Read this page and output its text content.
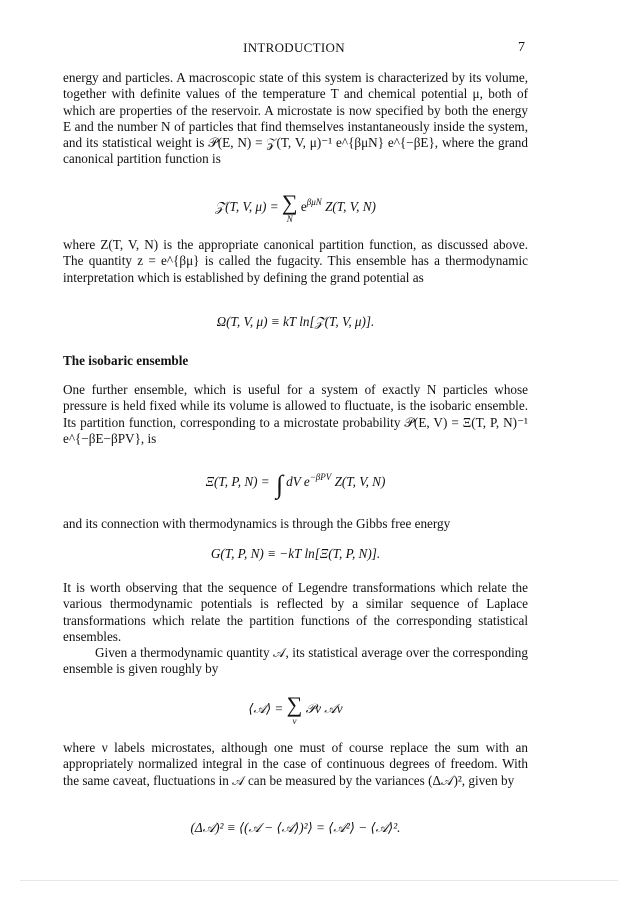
INTRODUCTION	7

energy and particles. A macroscopic state of this system is characterized by its volume, together with definite values of the temperature T and chemical potential μ, both of which are properties of the reservoir. A microstate is now specified by both the energy E and the number N of particles that find themselves instantaneously inside the system, and its statistical weight is 𝒫(E, N) = 𝒵(T, V, μ)⁻¹ e^{βμN} e^{−βE}, where the grand canonical partition function is

𝒵(T, V, μ) = ∑
N
$e^{\beta\mu N}$ Z(T, V, N)

where Z(T, V, N) is the appropriate canonical partition function, as discussed above. The quantity z = e^{βμ} is called the fugacity. This ensemble has a thermodynamic interpretation which is established by defining the grand potential as

Ω(T, V, μ) ≡ kT ln[𝒵(T, V, μ)].
The isobaric ensemble

One further ensemble, which is useful for a system of exactly N particles whose pressure is held fixed while its volume is allowed to fluctuate, is the isobaric ensemble. Its partition function, corresponding to a microstate probability 𝒫(E, V) = Ξ(T, P, N)⁻¹ e^{−βE−βPV}, is

Ξ(T, P, N) = ∫ dV $e^{-\beta PV}$ Z(T, V, N)

and its connection with thermodynamics is through the Gibbs free energy

G(T, P, N) ≡ −kT ln[Ξ(T, P, N)].

It is worth observing that the sequence of Legendre transformations which relate the various thermodynamic potentials is reflected by a similar sequence of Laplace transformations which relate the partition functions of the corresponding statistical ensembles.

Given a thermodynamic quantity 𝒜, its statistical average over the corresponding ensemble is given roughly by

⟨𝒜⟩ = ∑
ν
𝒫ν 𝒜ν

where ν labels microstates, although one must of course replace the sum with an appropriately normalized integral in the case of continuous degrees of freedom. With the same caveat, fluctuations in 𝒜 can be measured by the variances (Δ𝒜)², given by

(Δ𝒜)² ≡ ⟨(𝒜 − ⟨𝒜⟩)²⟩ = ⟨𝒜²⟩ − ⟨𝒜⟩².
